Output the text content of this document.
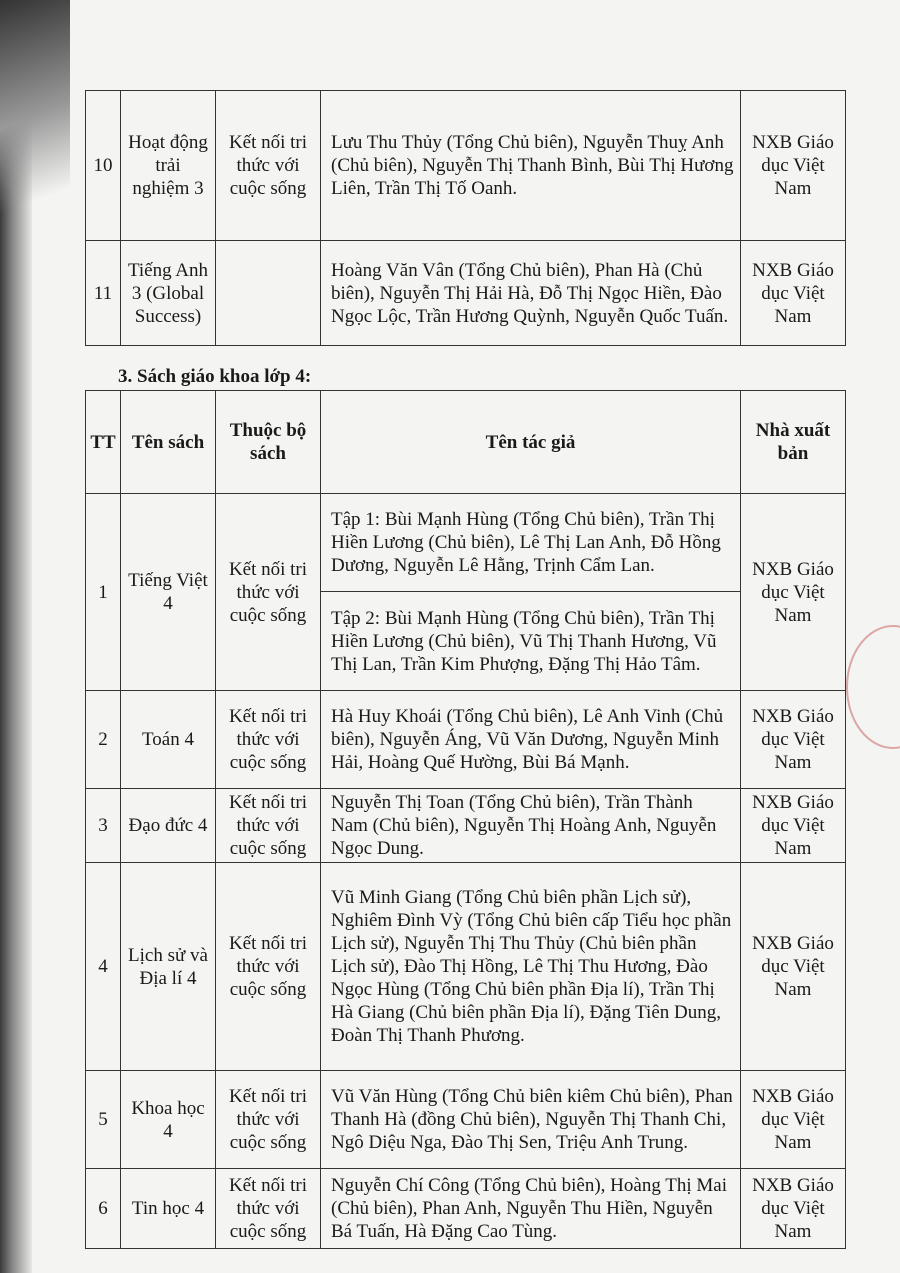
10	Hoạt động trải nghiệm 3	Kết nối tri thức với cuộc sống	Lưu Thu Thủy (Tổng Chủ biên), Nguyễn Thuỵ Anh (Chủ biên), Nguyễn Thị Thanh Bình, Bùi Thị Hương Liên, Trần Thị Tố Oanh.	NXB Giáo dục Việt Nam
11	Tiếng Anh 3 (Global Success)		Hoàng Văn Vân (Tổng Chủ biên), Phan Hà (Chủ biên), Nguyễn Thị Hải Hà, Đỗ Thị Ngọc Hiền, Đào Ngọc Lộc, Trần Hương Quỳnh, Nguyễn Quốc Tuấn.	NXB Giáo dục Việt Nam
3. Sách giáo khoa lớp 4:
TT	Tên sách	Thuộc bộ sách	Tên tác giả	Nhà xuất bản
1	Tiếng Việt 4	Kết nối tri thức với cuộc sống	Tập 1: Bùi Mạnh Hùng (Tổng Chủ biên), Trần Thị Hiền Lương (Chủ biên), Lê Thị Lan Anh, Đỗ Hồng Dương, Nguyễn Lê Hằng, Trịnh Cẩm Lan.	NXB Giáo dục Việt Nam
			Tập 2: Bùi Mạnh Hùng (Tổng Chủ biên), Trần Thị Hiền Lương (Chủ biên), Vũ Thị Thanh Hương, Vũ Thị Lan, Trần Kim Phượng, Đặng Thị Hảo Tâm.	
2	Toán 4	Kết nối tri thức với cuộc sống	Hà Huy Khoái (Tổng Chủ biên), Lê Anh Vinh (Chủ biên), Nguyễn Áng, Vũ Văn Dương, Nguyễn Minh Hải, Hoàng Quế Hường, Bùi Bá Mạnh.	NXB Giáo dục Việt Nam
3	Đạo đức 4	Kết nối tri thức với cuộc sống	Nguyễn Thị Toan (Tổng Chủ biên), Trần Thành Nam (Chủ biên), Nguyễn Thị Hoàng Anh, Nguyễn Ngọc Dung.	NXB Giáo dục Việt Nam
4	Lịch sử và Địa lí 4	Kết nối tri thức với cuộc sống	Vũ Minh Giang (Tổng Chủ biên phần Lịch sử), Nghiêm Đình Vỳ (Tổng Chủ biên cấp Tiểu học phần Lịch sử), Nguyễn Thị Thu Thủy (Chủ biên phần Lịch sử), Đào Thị Hồng, Lê Thị Thu Hương, Đào Ngọc Hùng (Tổng Chủ biên phần Địa lí), Trần Thị Hà Giang (Chủ biên phần Địa lí), Đặng Tiên Dung, Đoàn Thị Thanh Phương.	NXB Giáo dục Việt Nam
5	Khoa học 4	Kết nối tri thức với cuộc sống	Vũ Văn Hùng (Tổng Chủ biên kiêm Chủ biên), Phan Thanh Hà (đồng Chủ biên), Nguyễn Thị Thanh Chi, Ngô Diệu Nga, Đào Thị Sen, Triệu Anh Trung.	NXB Giáo dục Việt Nam
6	Tin học 4	Kết nối tri thức với cuộc sống	Nguyễn Chí Công (Tổng Chủ biên), Hoàng Thị Mai (Chủ biên), Phan Anh, Nguyễn Thu Hiền, Nguyễn Bá Tuấn, Hà Đặng Cao Tùng.	NXB Giáo dục Việt Nam
